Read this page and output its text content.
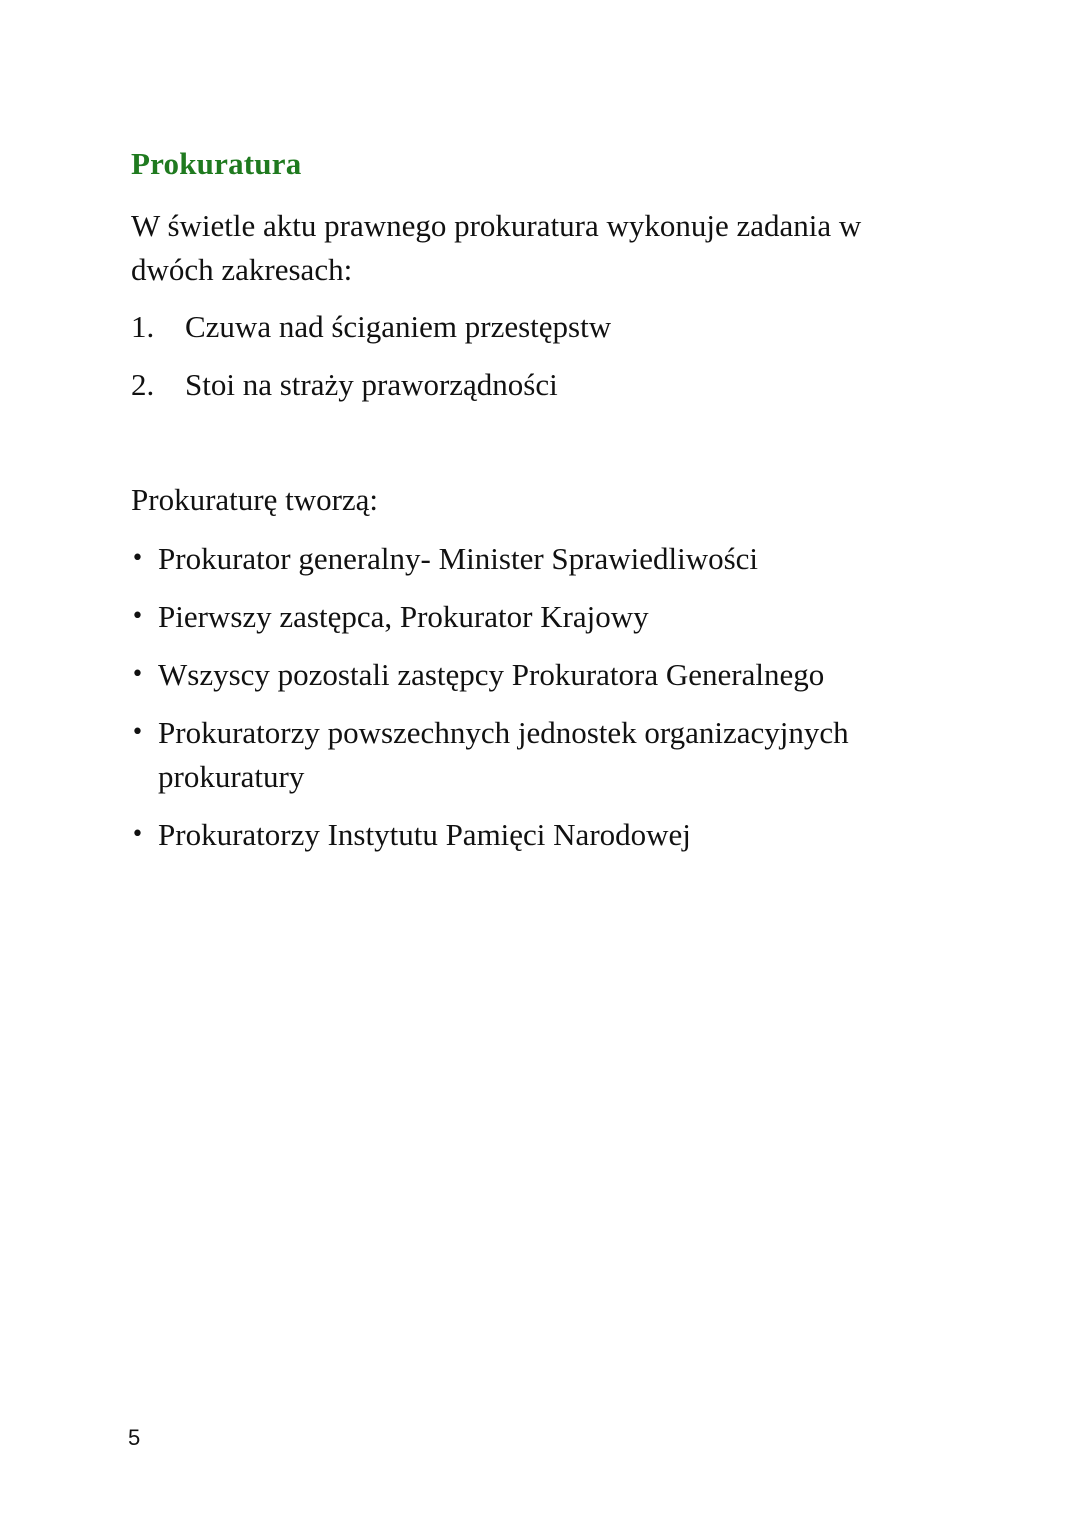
Prokuratura

W świetle aktu prawnego prokuratura wykonuje zadania w dwóch zakresach:

1. Czuwa nad ściganiem przestępstw
2. Stoi na straży praworządności

Prokuraturę tworzą:

• Prokurator generalny- Minister Sprawiedliwości
• Pierwszy zastępca, Prokurator Krajowy
• Wszyscy pozostali zastępcy Prokuratora Generalnego
• Prokuratorzy powszechnych jednostek organizacyjnych prokuratury
• Prokuratorzy Instytutu Pamięci Narodowej
5
